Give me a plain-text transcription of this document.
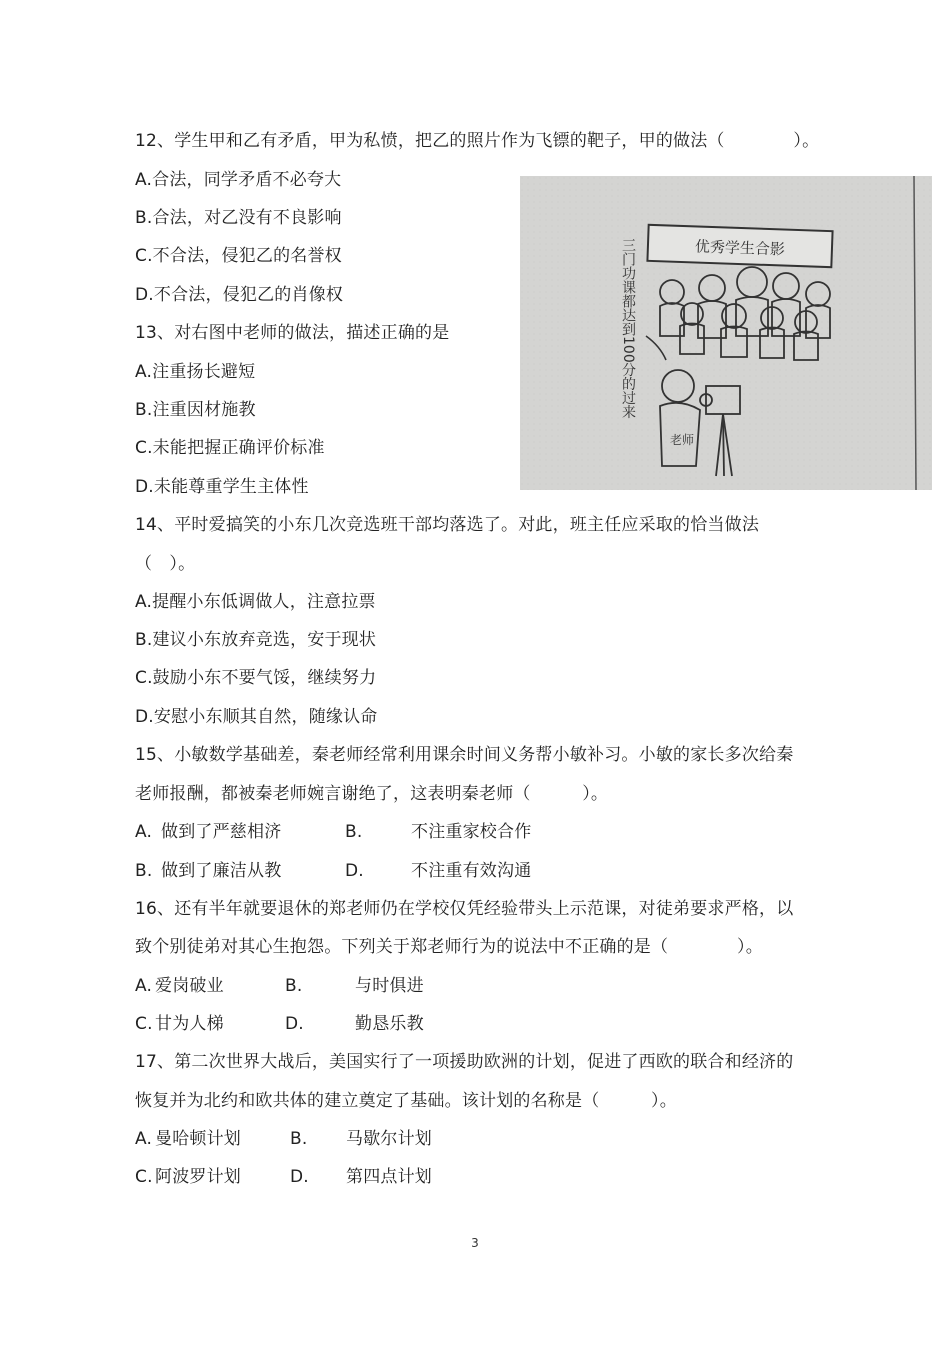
12、学生甲和乙有矛盾，甲为私愤，把乙的照片作为飞镖的靶子，甲的做法（　　　　）。
A.合法，同学矛盾不必夸大
B.合法，对乙没有不良影响
C.不合法，侵犯乙的名誉权
D.不合法，侵犯乙的肖像权
13、对右图中老师的做法，描述正确的是
A.注重扬长避短
B.注重因材施教
C.未能把握正确评价标准
D.未能尊重学生主体性
优秀学生合影
三门功课都达到100分的过来
老师
14、平时爱搞笑的小东几次竞选班干部均落选了。对此，班主任应采取的恰当做法
（　）。
A.提醒小东低调做人，注意拉票
B.建议小东放弃竞选，安于现状
C.鼓励小东不要气馁，继续努力
D.安慰小东顺其自然，随缘认命
15、小敏数学基础差，秦老师经常利用课余时间义务帮小敏补习。小敏的家长多次给秦
老师报酬，都被秦老师婉言谢绝了，这表明秦老师（　　　）。
A. 做到了严慈相济	B.	不注重家校合作
B. 做到了廉洁从教	D.	不注重有效沟通
16、还有半年就要退休的郑老师仍在学校仅凭经验带头上示范课，对徒弟要求严格，以
致个别徒弟对其心生抱怨。下列关于郑老师行为的说法中不正确的是（　　　　）。
A. 爱岗破业	B.	与时俱进
C. 甘为人梯	D.	勤恳乐教
17、第二次世界大战后，美国实行了一项援助欧洲的计划，促进了西欧的联合和经济的
恢复并为北约和欧共体的建立奠定了基础。该计划的名称是（　　　）。
A. 曼哈顿计划	B. 马歇尔计划
C. 阿波罗计划	D. 第四点计划
3
